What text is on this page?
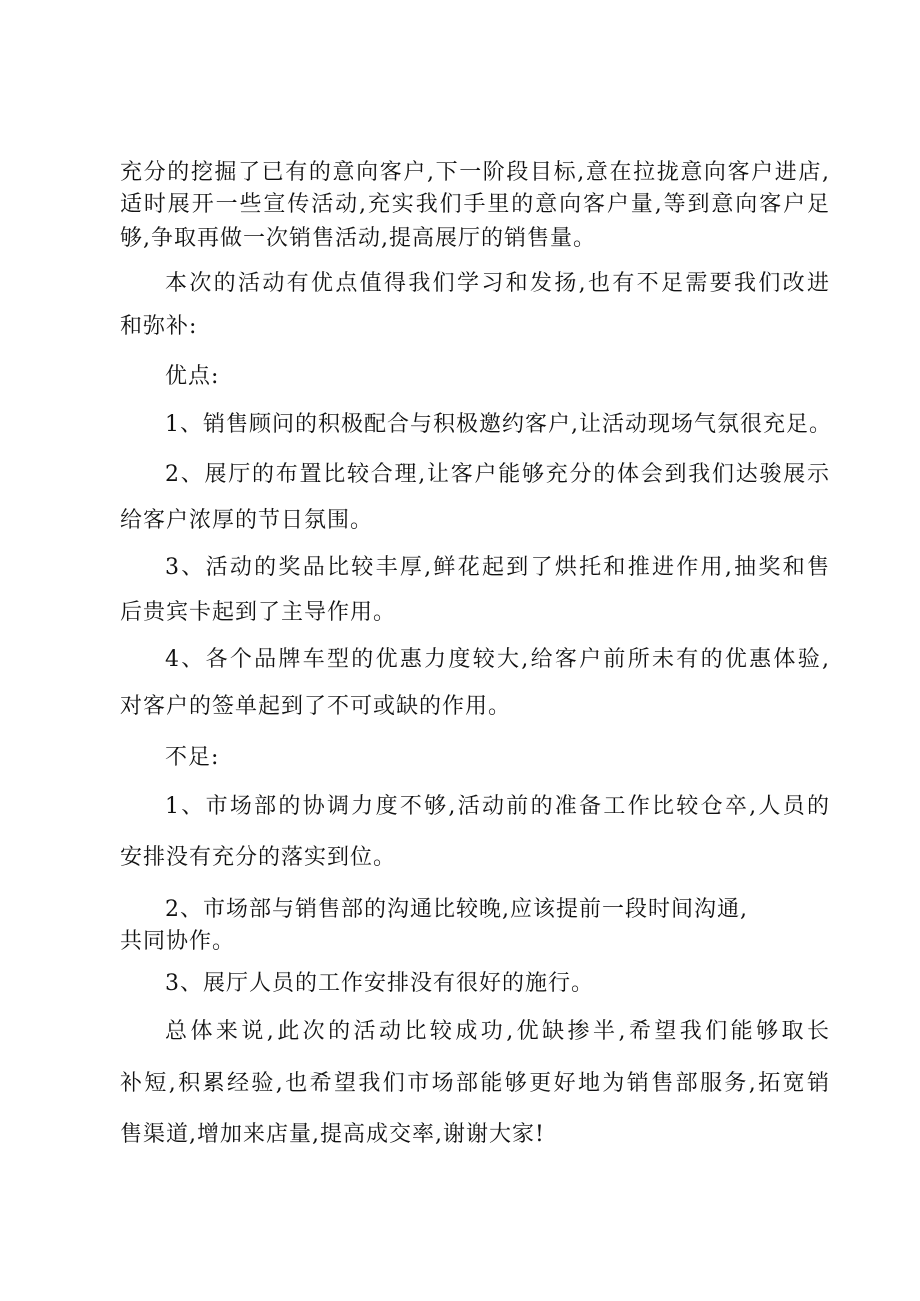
充分的挖掘了已有的意向客户,下一阶段目标,意在拉拢意向客户进店,
适时展开一些宣传活动,充实我们手里的意向客户量,等到意向客户足
够,争取再做一次销售活动,提高展厅的销售量。
本次的活动有优点值得我们学习和发扬,也有不足需要我们改进
和弥补:
优点:
1、销售顾问的积极配合与积极邀约客户,让活动现场气氛很充足。
2、展厅的布置比较合理,让客户能够充分的体会到我们达骏展示
给客户浓厚的节日氛围。
3、活动的奖品比较丰厚,鲜花起到了烘托和推进作用,抽奖和售
后贵宾卡起到了主导作用。
4、各个品牌车型的优惠力度较大,给客户前所未有的优惠体验,
对客户的签单起到了不可或缺的作用。
不足:
1、市场部的协调力度不够,活动前的准备工作比较仓卒,人员的
安排没有充分的落实到位。
2、市场部与销售部的沟通比较晚,应该提前一段时间沟通,
共同协作。
3、展厅人员的工作安排没有很好的施行。
总体来说,此次的活动比较成功,优缺掺半,希望我们能够取长
补短,积累经验,也希望我们市场部能够更好地为销售部服务,拓宽销
售渠道,增加来店量,提高成交率,谢谢大家!
